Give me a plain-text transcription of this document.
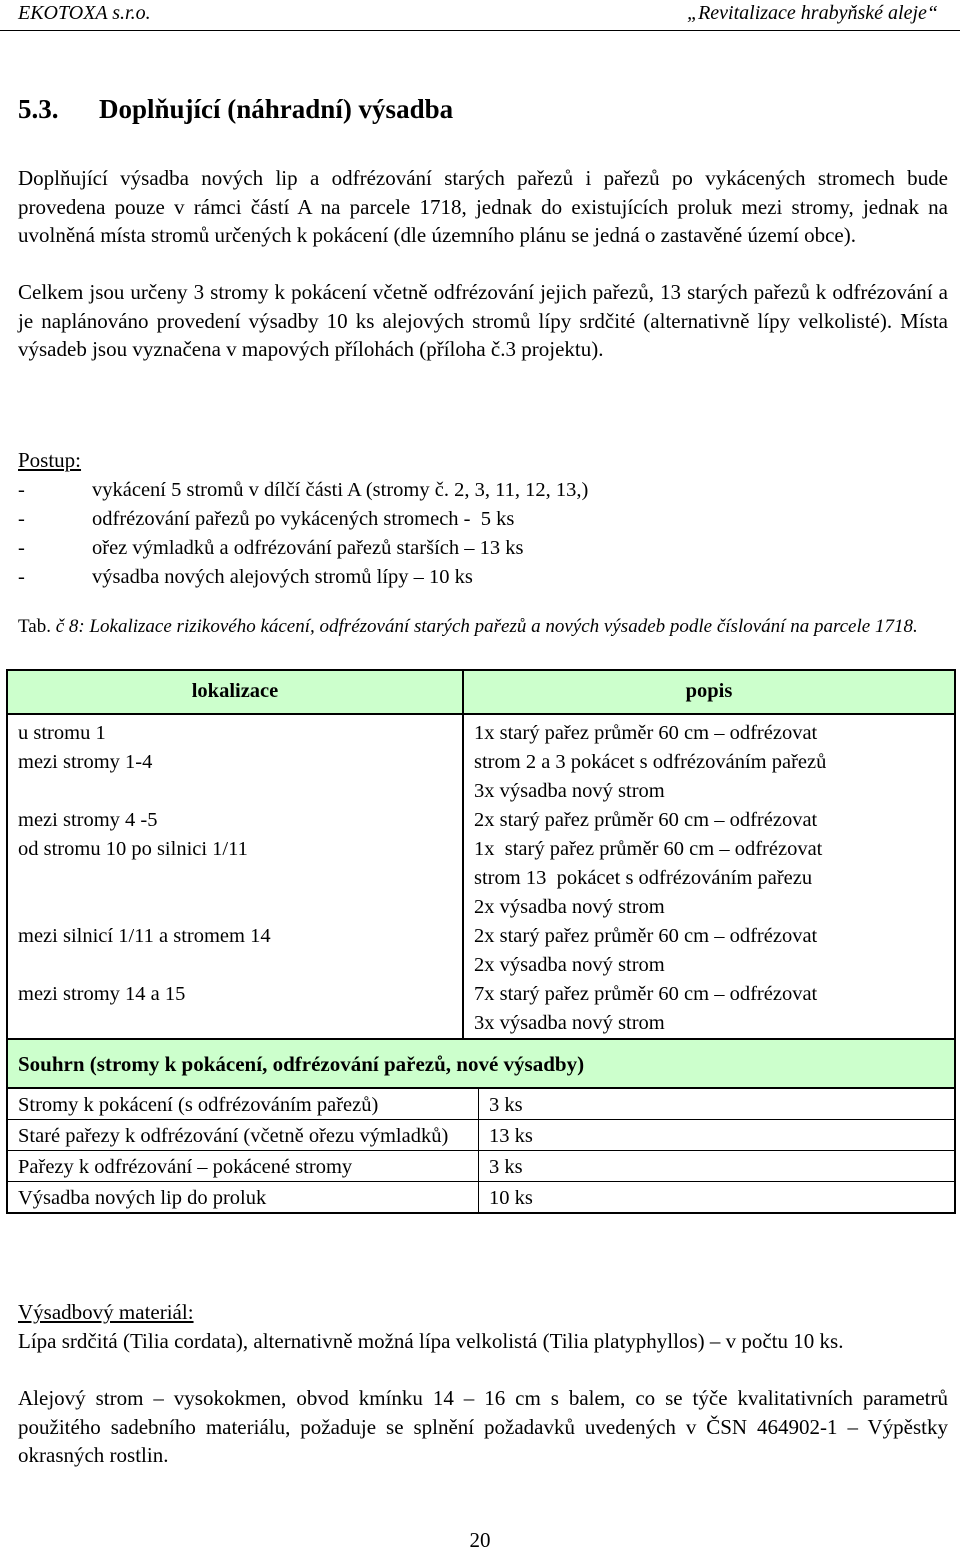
EKOTOXA s.r.o.	„Revitalizace hrabyňské aleje“
5.3. Doplňující (náhradní) výsadba

Doplňující výsadba nových lip a odfrézování starých pařezů i pařezů po vykácených stromech bude provedena pouze v rámci částí A na parcele 1718, jednak do existujících proluk mezi stromy, jednak na uvolněná místa stromů určených k pokácení (dle územního plánu se jedná o zastavěné území obce).

Celkem jsou určeny 3 stromy k pokácení včetně odfrézování jejich pařezů, 13 starých pařezů k odfrézování a je naplánováno provedení výsadby 10 ks alejových stromů lípy srdčité (alternativně lípy velkolisté). Místa výsadeb jsou vyznačena v mapových přílohách (příloha č.3 projektu).

Postup:
-	vykácení 5 stromů v dílčí části A (stromy č. 2, 3, 11, 12, 13,)
-	odfrézování pařezů po vykácených stromech -  5 ks
-	ořez výmladků a odfrézování pařezů starších – 13 ks
-	výsadba nových alejových stromů lípy – 10 ks
Tab. č 8: Lokalizace rizikového kácení, odfrézování starých pařezů a nových výsadeb podle číslování na parcele 1718.
lokalizace	popis
u stromu 1	1x starý pařez průměr 60 cm – odfrézovat

mezi stromy 1-4	strom 2 a 3 pokácet s odfrézováním pařezů
3x výsadba nový strom

mezi stromy 4 -5	2x starý pařez průměr 60 cm – odfrézovat

od stromu 10 po silnici 1/11	1x  starý pařez průměr 60 cm – odfrézovat
strom 13  pokácet s odfrézováním pařezu
2x výsadba nový strom

mezi silnicí 1/11 a stromem 14	2x starý pařez průměr 60 cm – odfrézovat
2x výsadba nový strom

mezi stromy 14 a 15	7x starý pařez průměr 60 cm – odfrézovat
3x výsadba nový strom
Souhrn (stromy k pokácení, odfrézování pařezů, nové výsadby)
Stromy k pokácení (s odfrézováním pařezů)	3 ks
Staré pařezy k odfrézování (včetně ořezu výmladků)	13 ks
Pařezy k odfrézování – pokácené stromy	3 ks
Výsadba nových lip do proluk	10 ks
Výsadbový materiál:

Lípa srdčitá (Tilia cordata), alternativně možná lípa velkolistá (Tilia platyphyllos) – v počtu 10 ks.

Alejový strom – vysokokmen, obvod kmínku 14 – 16 cm s balem, co se týče kvalitativních parametrů použitého sadebního materiálu, požaduje se splnění požadavků uvedených v ČSN 464902-1 – Výpěstky okrasných rostlin.

20
